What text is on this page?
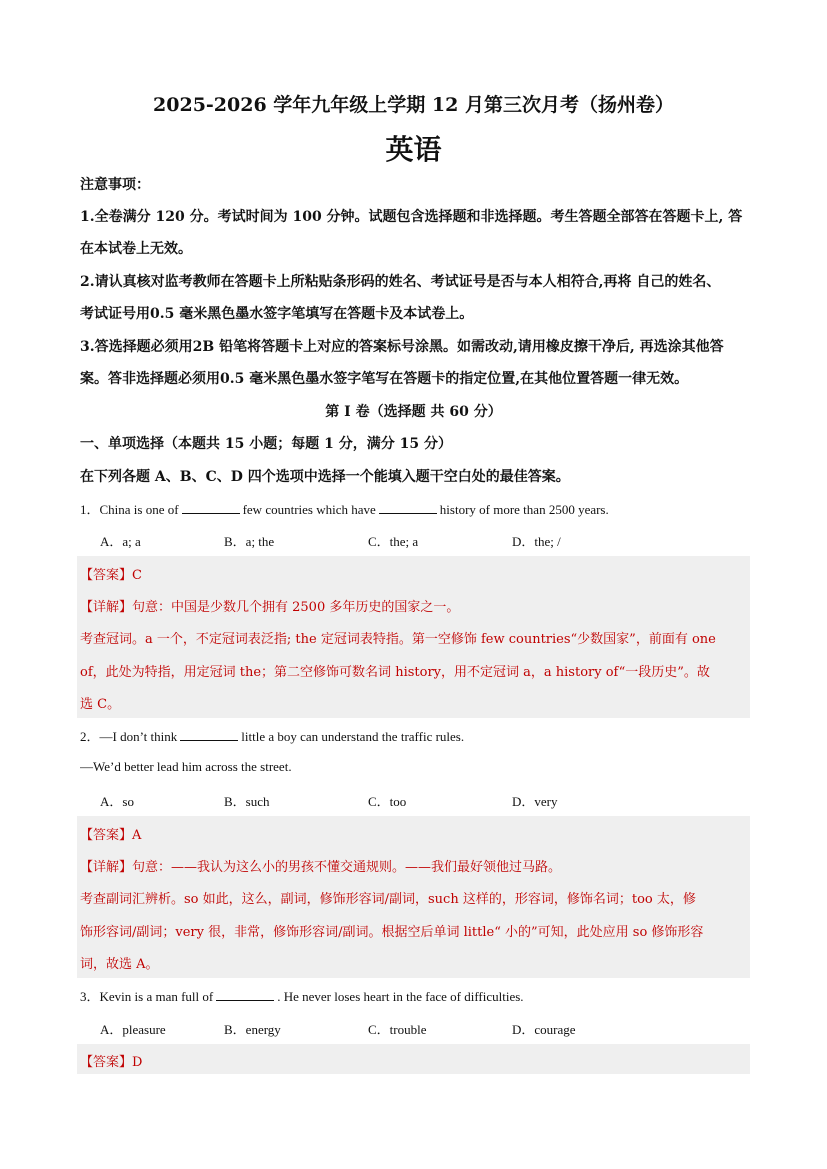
2025-2026 学年九年级上学期 12 月第三次月考（扬州卷）
英语
注意事项：
1.全卷满分 120 分。考试时间为 100 分钟。试题包含选择题和非选择题。考生答题全部答在答题卡上, 答
在本试卷上无效。
2.请认真核对监考教师在答题卡上所粘贴条形码的姓名、考试证号是否与本人相符合,再将 自己的姓名、
考试证号用0.5 毫米黑色墨水签字笔填写在答题卡及本试卷上。
3.答选择题必须用2B 铅笔将答题卡上对应的答案标号涂黑。如需改动,请用橡皮擦干净后, 再选涂其他答
案。答非选择题必须用0.5 毫米黑色墨水签字笔写在答题卡的指定位置,在其他位置答题一律无效。
第 I 卷（选择题 共 60 分）
一、单项选择（本题共 15 小题；每题 1 分，满分 15 分）
在下列各题 A、B、C、D 四个选项中选择一个能填入题干空白处的最佳答案。
1．China is one of	few countries which have	history of more than 2500 years.
A．a; a	B．a; the	C．the; a	D．the; /
【答案】C
【详解】句意：中国是少数几个拥有 2500 多年历史的国家之一。
考查冠词。a 一个，不定冠词表泛指; the 定冠词表特指。第一空修饰 few countries“少数国家”，前面有 one
of，此处为特指，用定冠词 the；第二空修饰可数名词 history，用不定冠词 a，a history of“一段历史”。故
选 C。
2．—I don’t think	little a boy can understand the traffic rules.
—We’d better lead him across the street.
A．so	B．such	C．too	D．very
【答案】A
【详解】句意：——我认为这么小的男孩不懂交通规则。——我们最好领他过马路。
考查副词汇辨析。so 如此，这么，副词，修饰形容词/副词，such 这样的，形容词，修饰名词；too 太，修
饰形容词/副词；very 很，非常，修饰形容词/副词。根据空后单词 little“ 小的”可知，此处应用 so 修饰形容
词，故选 A。
3．Kevin is a man full of	. He never loses heart in the face of difficulties.
A．pleasure	B．energy	C．trouble	D．courage
【答案】D
